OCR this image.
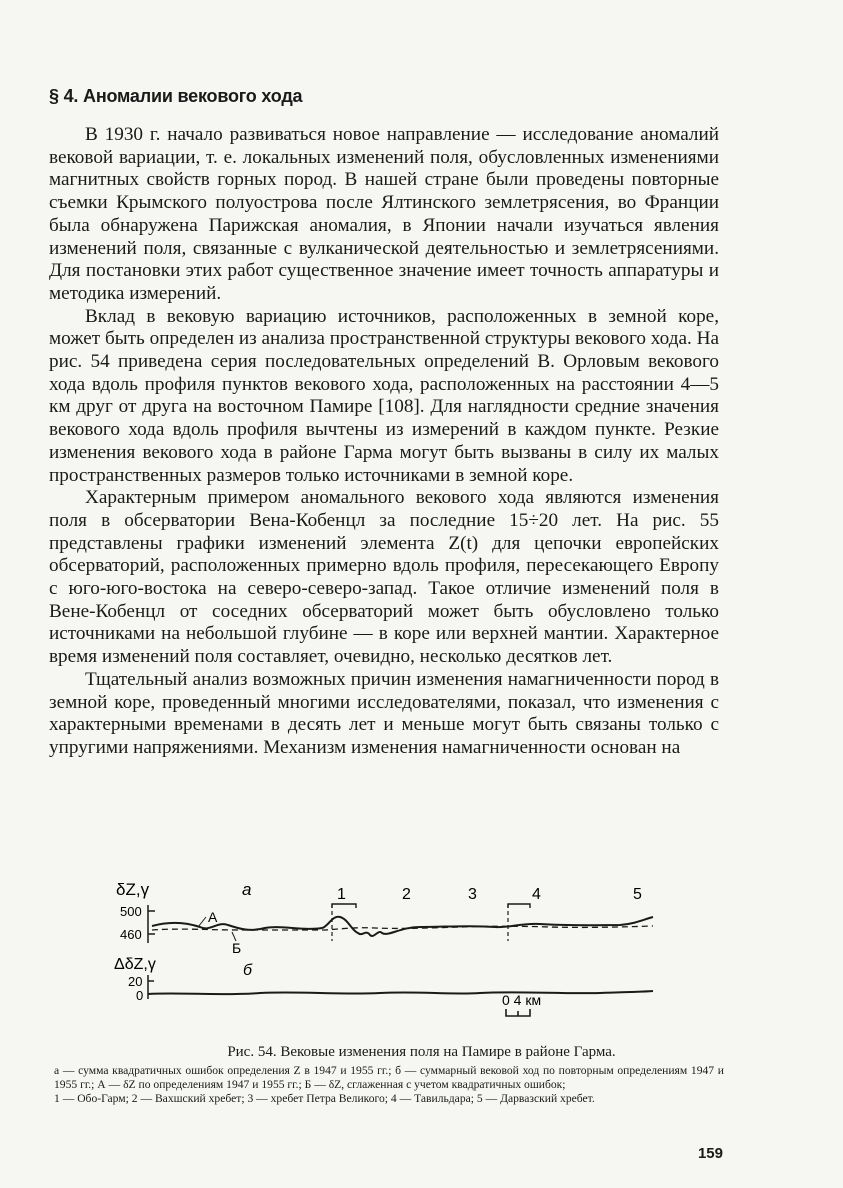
§ 4. Аномалии векового хода

В 1930 г. начало развиваться новое направление — исследование аномалий вековой вариации, т. е. локальных изменений поля, обусловленных изменениями магнитных свойств горных пород. В нашей стране были проведены повторные съемки Крымского полуострова после Ялтинского землетрясения, во Франции была обнаружена Парижская аномалия, в Японии начали изучаться явления изменений поля, связанные с вулканической деятельностью и землетрясениями. Для постановки этих работ существенное значение имеет точность аппаратуры и методика измерений.

Вклад в вековую вариацию источников, расположенных в земной коре, может быть определен из анализа пространственной структуры векового хода. На рис. 54 приведена серия последовательных определений В. Орловым векового хода вдоль профиля пунктов векового хода, расположенных на расстоянии 4—5 км друг от друга на восточном Памире [108]. Для наглядности средние значения векового хода вдоль профиля вычтены из измерений в каждом пункте. Резкие изменения векового хода в районе Гарма могут быть вызваны в силу их малых пространственных размеров только источниками в земной коре.

Характерным примером аномального векового хода являются изменения поля в обсерватории Вена-Кобенцл за последние 15÷20 лет. На рис. 55 представлены графики изменений элемента Z(t) для цепочки европейских обсерваторий, расположенных примерно вдоль профиля, пересекающего Европу с юго-юго-востока на северо-северо-запад. Такое отличие изменений поля в Вене-Кобенцл от соседних обсерваторий может быть обусловлено только источниками на небольшой глубине — в коре или верхней мантии. Характерное время изменений поля составляет, очевидно, несколько десятков лет.

Тщательный анализ возможных причин изменения намагниченности пород в земной коре, проведенный многими исследователями, показал, что изменения с характерными временами в десять лет и меньше могут быть связаны только с упругими напряжениями. Механизм изменения намагниченности основан на

δZ,γ	а	1	2	3	4	5
500
460
А
Б
ΔδZ,γ	б
20
0	0 4 км
Рис. 54. Вековые изменения поля на Памире в районе Гарма.

а — сумма квадратичных ошибок определения Z в 1947 и 1955 гг.; б — суммарный вековой ход по повторным определениям 1947 и 1955 гг.; А — δZ по определениям 1947 и 1955 гг.; Б — δZ, сглаженная с учетом квадратичных ошибок;

1 — Обо-Гарм; 2 — Вахшский хребет; 3 — хребет Петра Великого; 4 — Тавильдара; 5 — Дарвазский хребет.

159
